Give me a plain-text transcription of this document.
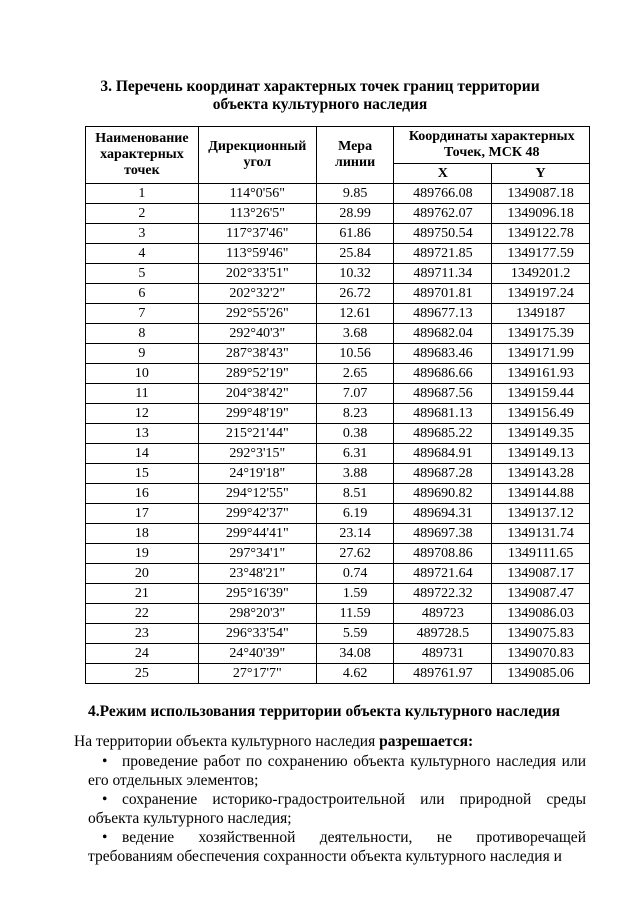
3. Перечень координат характерных точек границ территории
объекта культурного наследия
Наименование характерных точек	Дирекционный угол	Мера линии	Координаты характерных Точек, МСК 48	
			X	Y
1	114°0'56"	9.85	489766.08	1349087.18
2	113°26'5"	28.99	489762.07	1349096.18
3	117°37'46"	61.86	489750.54	1349122.78
4	113°59'46"	25.84	489721.85	1349177.59
5	202°33'51"	10.32	489711.34	1349201.2
6	202°32'2"	26.72	489701.81	1349197.24
7	292°55'26"	12.61	489677.13	1349187
8	292°40'3"	3.68	489682.04	1349175.39
9	287°38'43"	10.56	489683.46	1349171.99
10	289°52'19"	2.65	489686.66	1349161.93
11	204°38'42"	7.07	489687.56	1349159.44
12	299°48'19"	8.23	489681.13	1349156.49
13	215°21'44"	0.38	489685.22	1349149.35
14	292°3'15"	6.31	489684.91	1349149.13
15	24°19'18"	3.88	489687.28	1349143.28
16	294°12'55"	8.51	489690.82	1349144.88
17	299°42'37"	6.19	489694.31	1349137.12
18	299°44'41"	23.14	489697.38	1349131.74
19	297°34'1"	27.62	489708.86	1349111.65
20	23°48'21"	0.74	489721.64	1349087.17
21	295°16'39"	1.59	489722.32	1349087.47
22	298°20'3"	11.59	489723	1349086.03
23	296°33'54"	5.59	489728.5	1349075.83
24	24°40'39"	34.08	489731	1349070.83
25	27°17'7"	4.62	489761.97	1349085.06
4.Режим использования территории объекта культурного наследия
На территории объекта культурного наследия разрешается:
• проведение работ по сохранению объекта культурного наследия или
его отдельных элементов;
• сохранение историко-градостроительной или природной среды
объекта культурного наследия;
• ведение хозяйственной деятельности, не противоречащей
требованиям обеспечения сохранности объекта культурного наследия и
